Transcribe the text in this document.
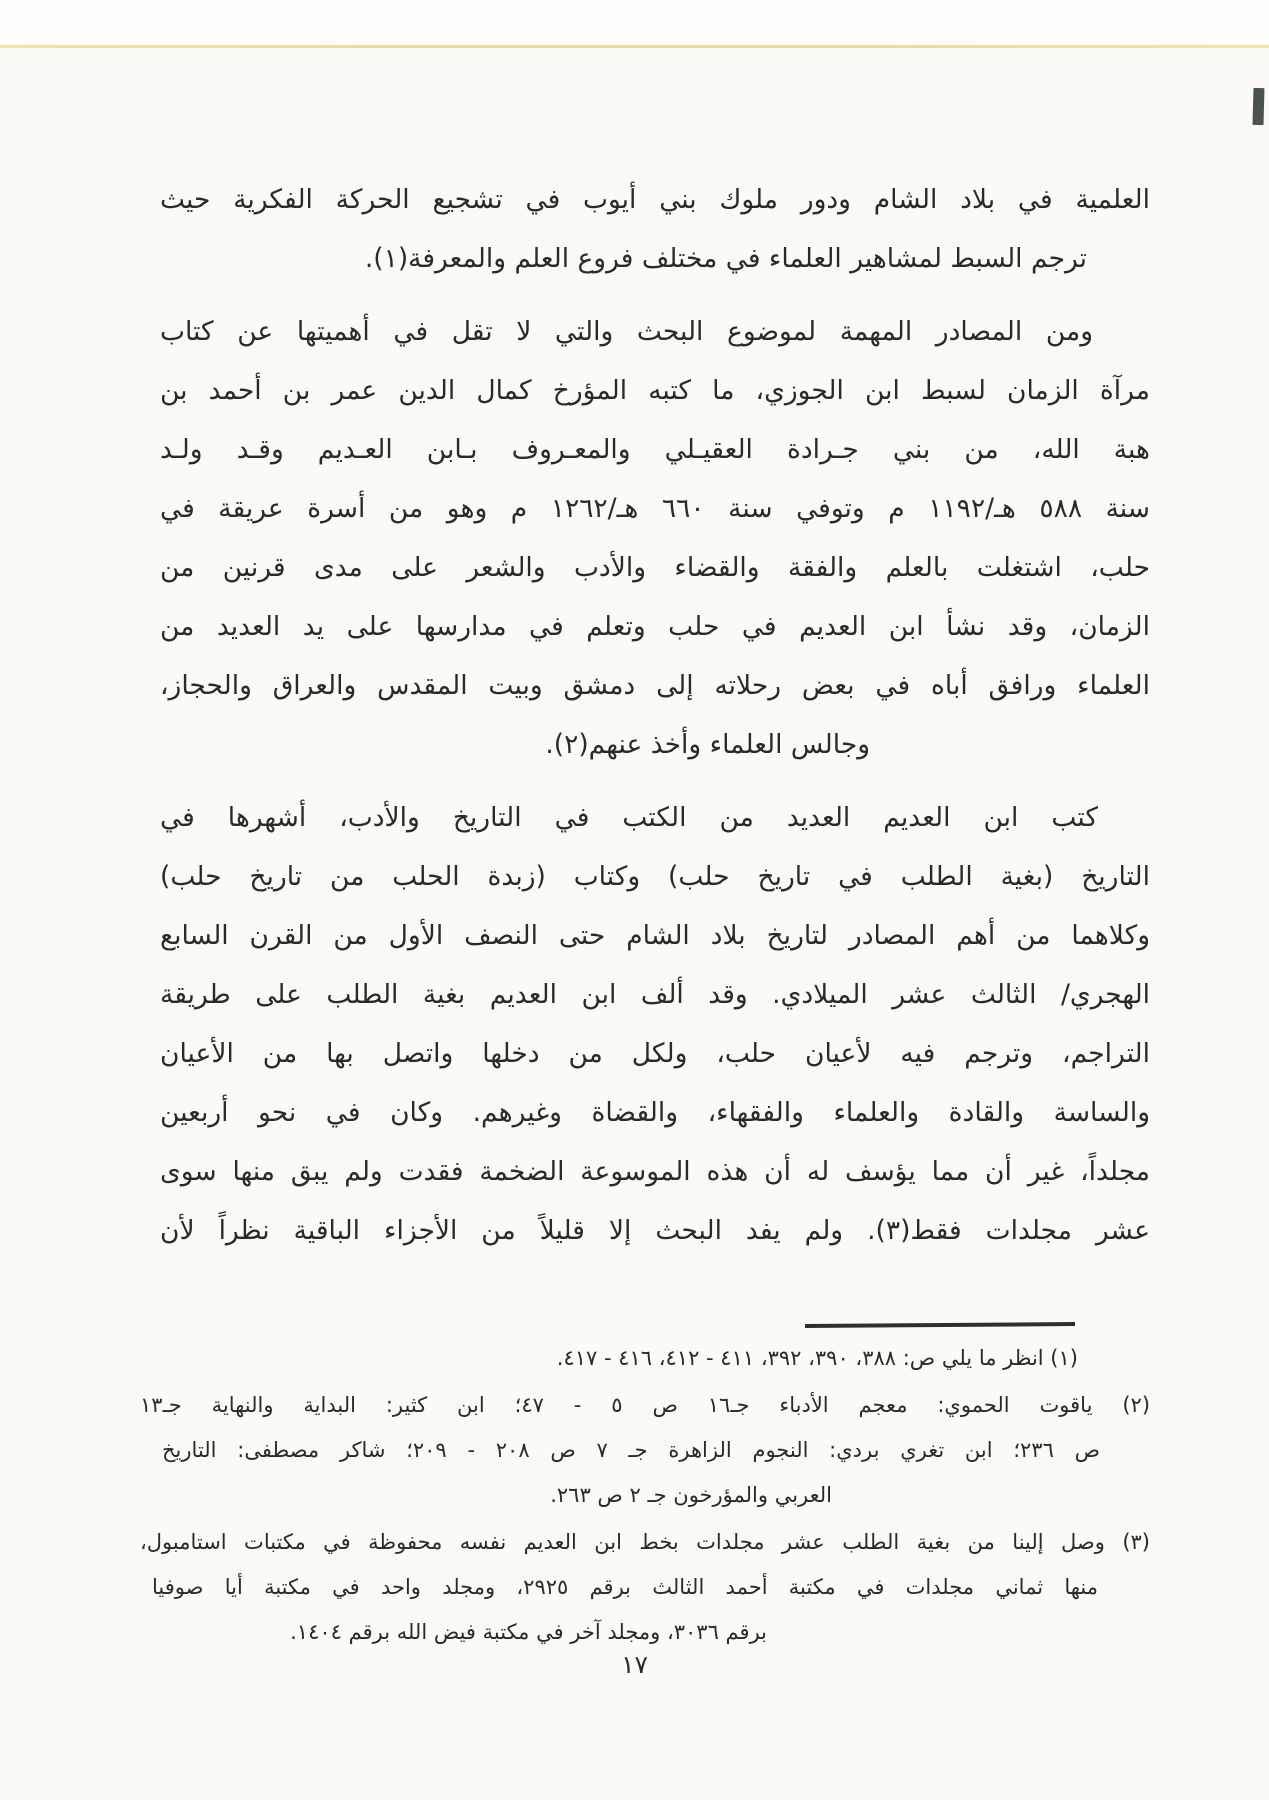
العلمية في بلاد الشام ودور ملوك بني أيوب في تشجيع الحركة الفكرية حيث
ترجم السبط لمشاهير العلماء في مختلف فروع العلم والمعرفة(١).
ومن المصادر المهمة لموضوع البحث والتي لا تقل في أهميتها عن كتاب
مرآة الزمان لسبط ابن الجوزي، ما كتبه المؤرخ كمال الدين عمر بن أحمد بن
هبة الله، من بني جـرادة العقيـلي والمعـروف بـابن العـديم وقـد ولـد
سنة ٥٨٨ هـ/١١٩٢ م وتوفي سنة ٦٦٠ هـ/١٢٦٢ م وهو من أسرة عريقة في
حلب، اشتغلت بالعلم والفقة والقضاء والأدب والشعر على مدى قرنين من
الزمان، وقد نشأ ابن العديم في حلب وتعلم في مدارسها على يد العديد من
العلماء ورافق أباه في بعض رحلاته إلى دمشق وبيت المقدس والعراق والحجاز،
وجالس العلماء وأخذ عنهم(٢).
كتب ابن العديم العديد من الكتب في التاريخ والأدب، أشهرها في
التاريخ (بغية الطلب في تاريخ حلب) وكتاب (زبدة الحلب من تاريخ حلب)
وكلاهما من أهم المصادر لتاريخ بلاد الشام حتى النصف الأول من القرن السابع
الهجري/ الثالث عشر الميلادي. وقد ألف ابن العديم بغية الطلب على طريقة
التراجم، وترجم فيه لأعيان حلب، ولكل من دخلها واتصل بها من الأعيان
والساسة والقادة والعلماء والفقهاء، والقضاة وغيرهم. وكان في نحو أربعين
مجلداً، غير أن مما يؤسف له أن هذه الموسوعة الضخمة فقدت ولم يبق منها سوى
عشر مجلدات فقط(٣). ولم يفد البحث إلا قليلاً من الأجزاء الباقية نظراً لأن
(١) انظر ما يلي ص: ٣٨٨، ٣٩٠، ٣٩٢، ٤١١ - ٤١٢، ٤١٦ - ٤١٧.
(٢) ياقوت الحموي: معجم الأدباء جـ١٦ ص ٥ - ٤٧؛ ابن كثير: البداية والنهاية جـ١٣
ص ٢٣٦؛ ابن تغري بردي: النجوم الزاهرة جـ ٧ ص ٢٠٨ - ٢٠٩؛ شاكر مصطفى: التاريخ
العربي والمؤرخون جـ ٢ ص ٢٦٣.
(٣) وصل إلينا من بغية الطلب عشر مجلدات بخط ابن العديم نفسه محفوظة في مكتبات استامبول،
منها ثماني مجلدات في مكتبة أحمد الثالث برقم ٢٩٢٥، ومجلد واحد في مكتبة أيا صوفيا
برقم ٣٠٣٦، ومجلد آخر في مكتبة فيض الله برقم ١٤٠٤.
١٧
